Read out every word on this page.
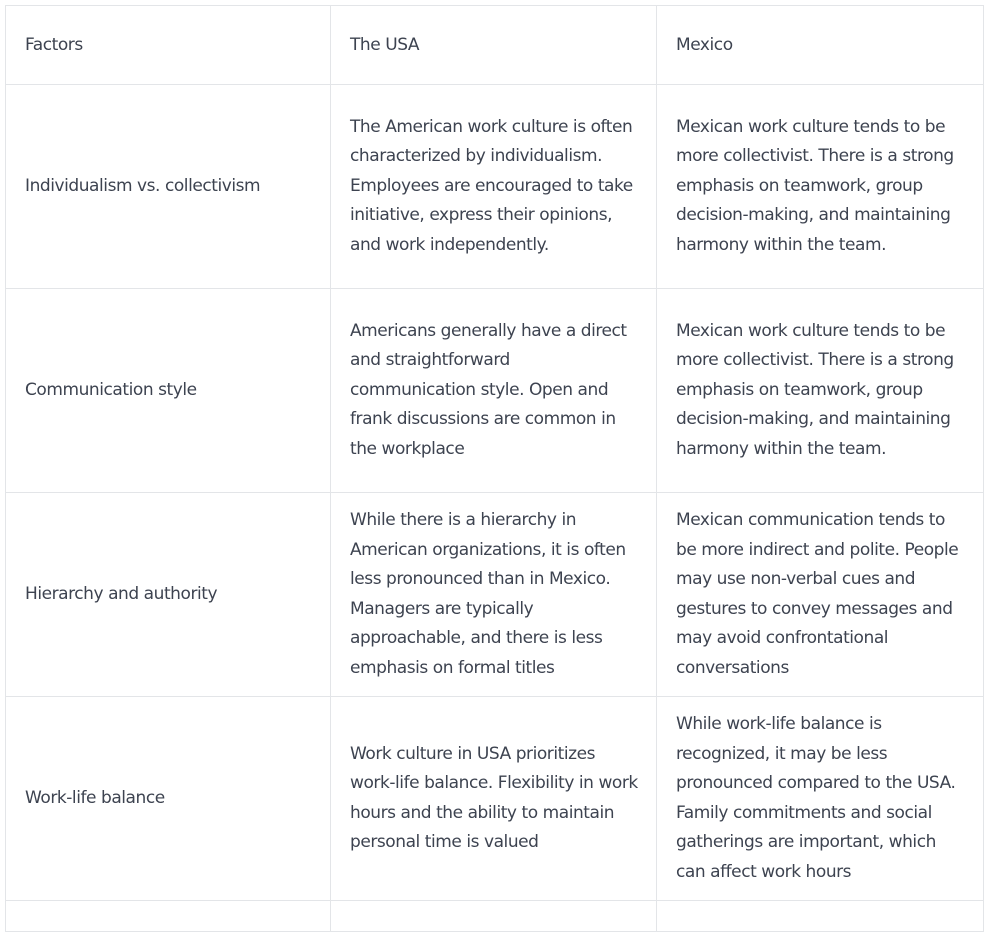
Factors	The USA	Mexico
Individualism vs. collectivism	The American work culture is often characterized by individualism. Employees are encouraged to take initiative, express their opinions, and work independently.	Mexican work culture tends to be more collectivist. There is a strong emphasis on teamwork, group decision-making, and maintaining harmony within the team.
Communication style	Americans generally have a direct and straightforward communication style. Open and frank discussions are common in the workplace	Mexican work culture tends to be more collectivist. There is a strong emphasis on teamwork, group decision-making, and maintaining harmony within the team.
Hierarchy and authority	While there is a hierarchy in American organizations, it is often less pronounced than in Mexico. Managers are typically approachable, and there is less emphasis on formal titles	Mexican communication tends to be more indirect and polite. People may use non-verbal cues and gestures to convey messages and may avoid confrontational conversations
Work-life balance	Work culture in USA prioritizes work-life balance. Flexibility in work hours and the ability to maintain personal time is valued	While work-life balance is recognized, it may be less pronounced compared to the USA. Family commitments and social gatherings are important, which can affect work hours
